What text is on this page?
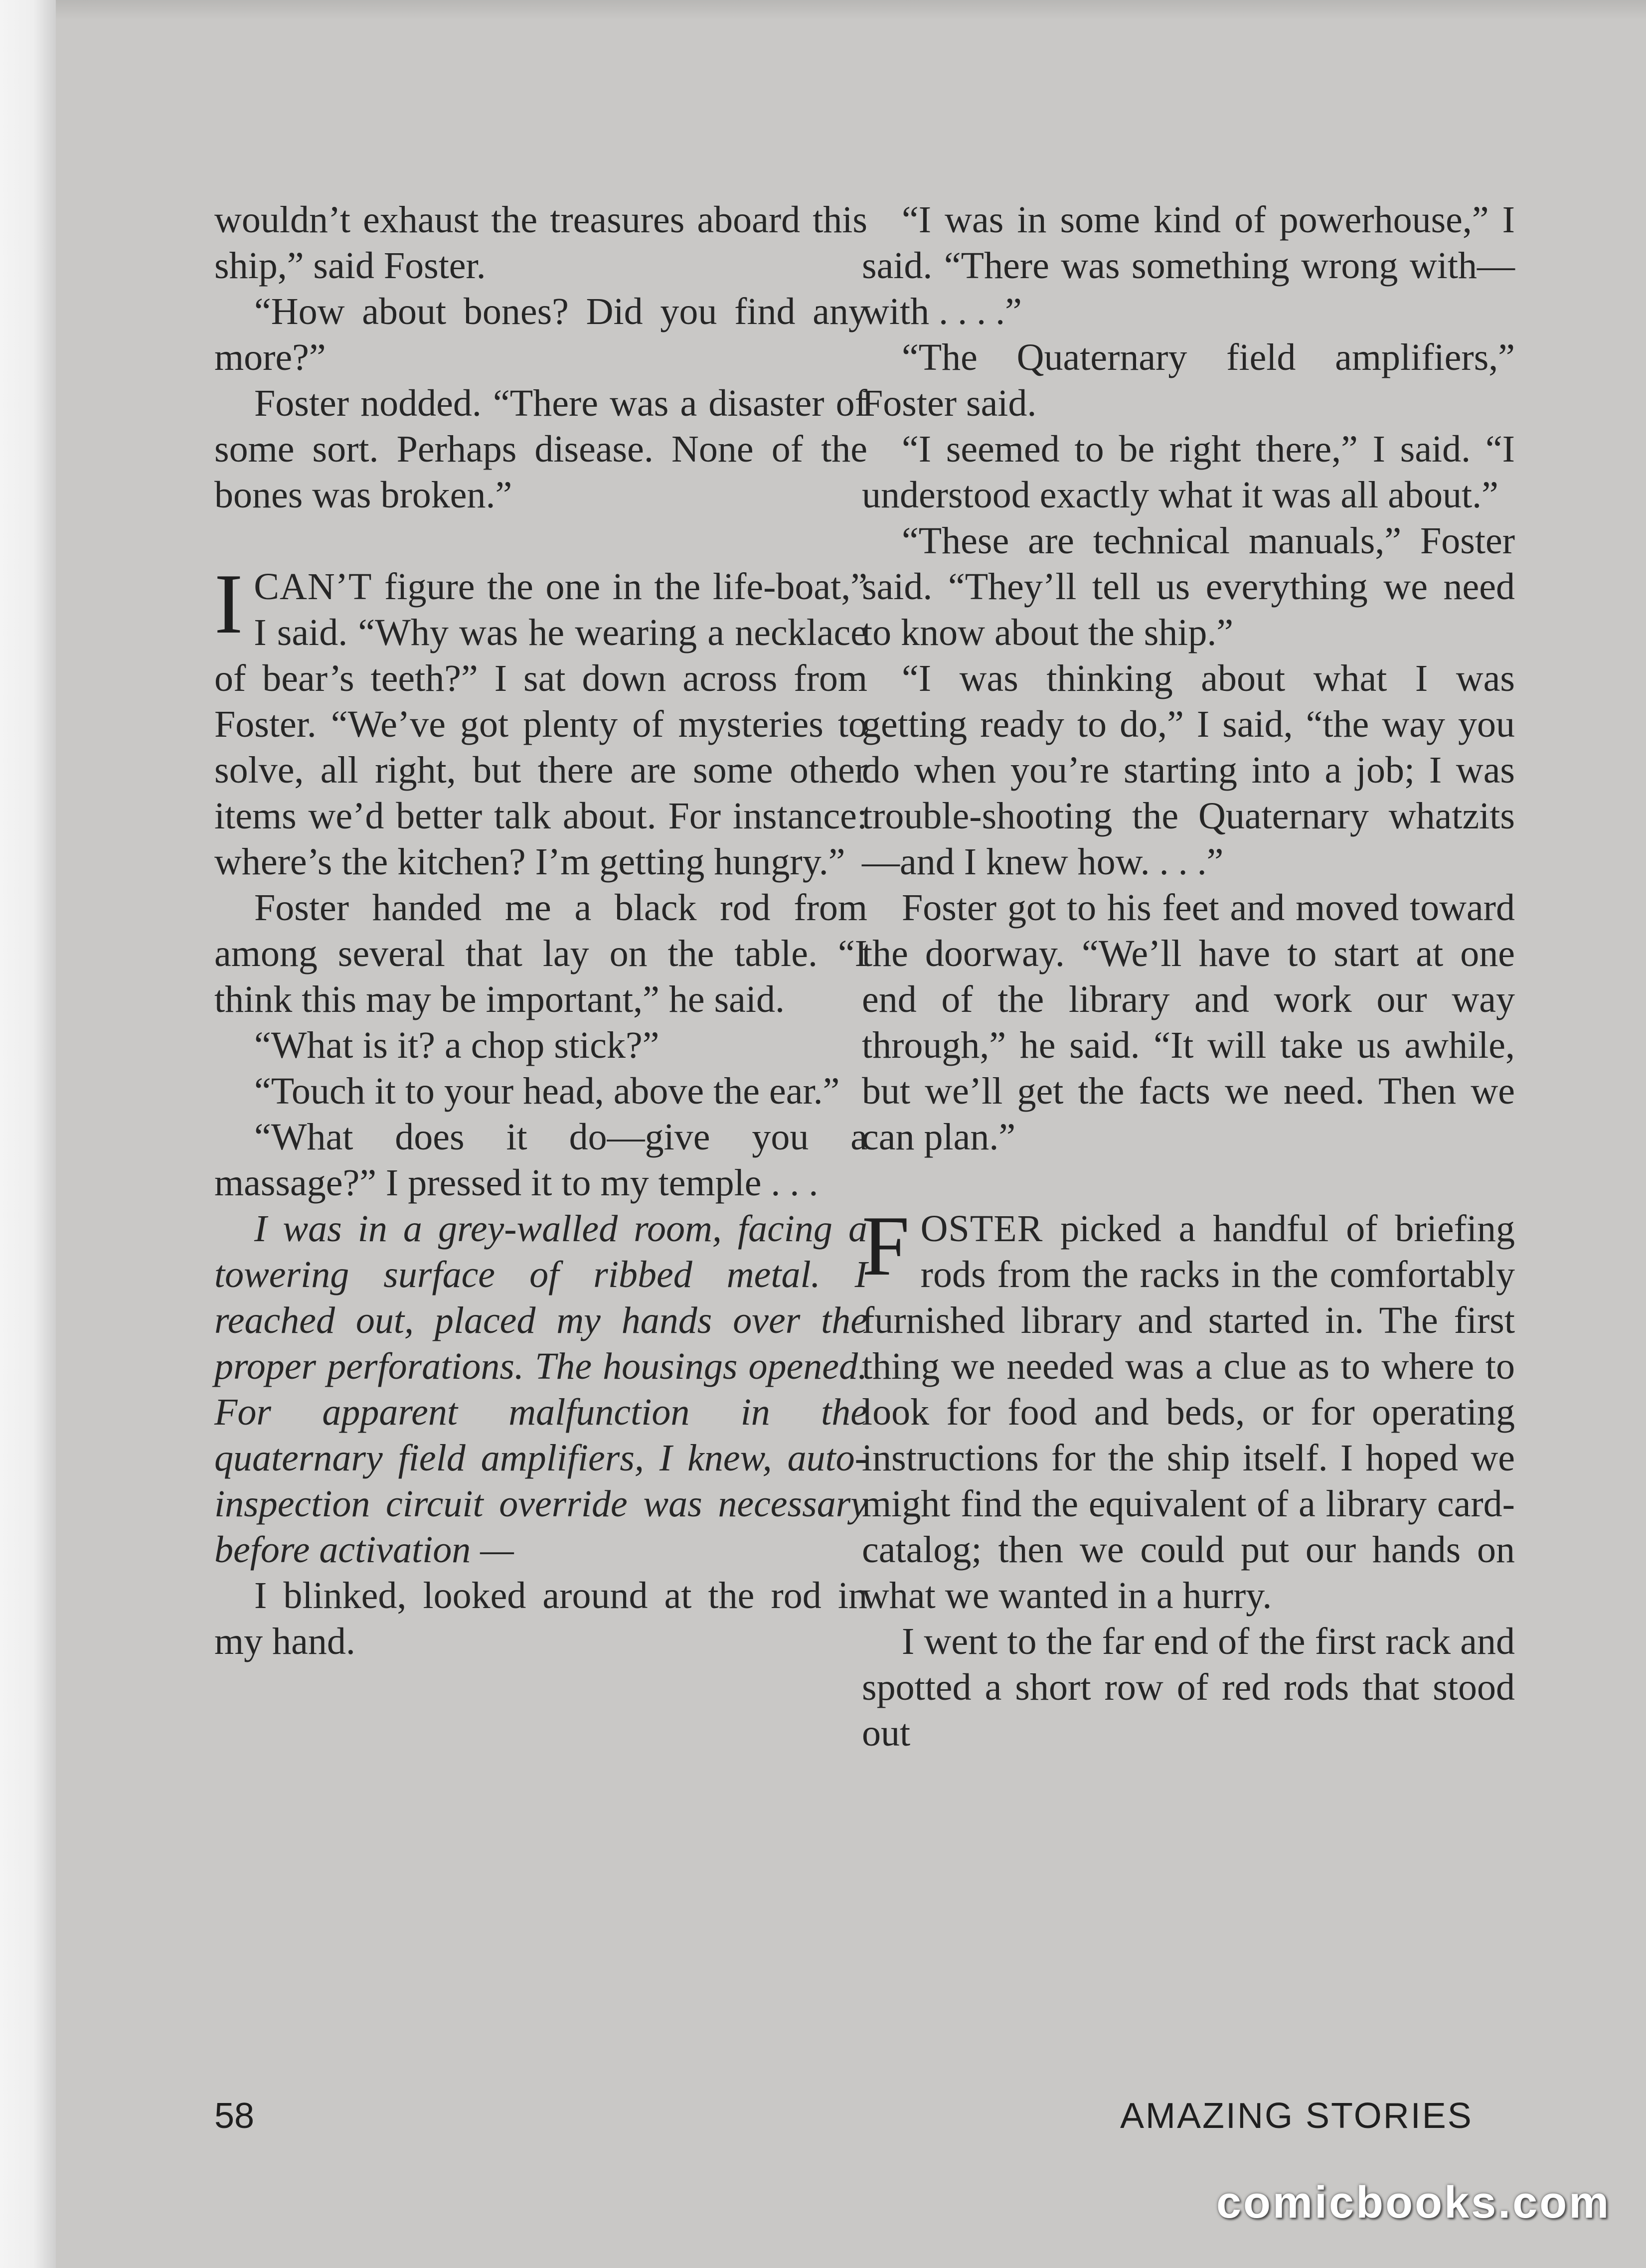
wouldn’t exhaust the treasures aboard this ship,” said Foster.

“How about bones? Did you find any more?”

Foster nodded. “There was a disaster of some sort. Perhaps disease. None of the bones was broken.”

ICAN’T figure the one in the life-boat,” I said. “Why was he wearing a necklace of bear’s teeth?” I sat down across from Foster. “We’ve got plenty of mysteries to solve, all right, but there are some other items we’d better talk about. For instance: where’s the kitchen? I’m getting hungry.”

Foster handed me a black rod from among several that lay on the table. “I think this may be important,” he said.

“What is it? a chop stick?”

“Touch it to your head, above the ear.”

“What does it do—give you a massage?” I pressed it to my temple . . .

I was in a grey-walled room, facing a towering surface of ribbed metal. I reached out, placed my hands over the proper perforations. The housings opened. For apparent malfunction in the quaternary field amplifiers, I knew, auto-inspection circuit override was necessary before activation —

I blinked, looked around at the rod in my hand.

“I was in some kind of powerhouse,” I said. “There was something wrong with—with . . . .”

“The Quaternary field amplifiers,” Foster said.

“I seemed to be right there,” I said. “I understood exactly what it was all about.”

“These are technical manuals,” Foster said. “They’ll tell us everything we need to know about the ship.”

“I was thinking about what I was getting ready to do,” I said, “the way you do when you’re starting into a job; I was trouble-shooting the Quaternary whatzits—and I knew how. . . .”

Foster got to his feet and moved toward the doorway. “We’ll have to start at one end of the library and work our way through,” he said. “It will take us awhile, but we’ll get the facts we need. Then we can plan.”

FOSTER picked a handful of briefing rods from the racks in the comfortably furnished library and started in. The first thing we needed was a clue as to where to look for food and beds, or for operating instructions for the ship itself. I hoped we might find the equivalent of a library card-catalog; then we could put our hands on what we wanted in a hurry.

I went to the far end of the first rack and spotted a short row of red rods that stood out

58	AMAZING STORIES
comicbooks.com
